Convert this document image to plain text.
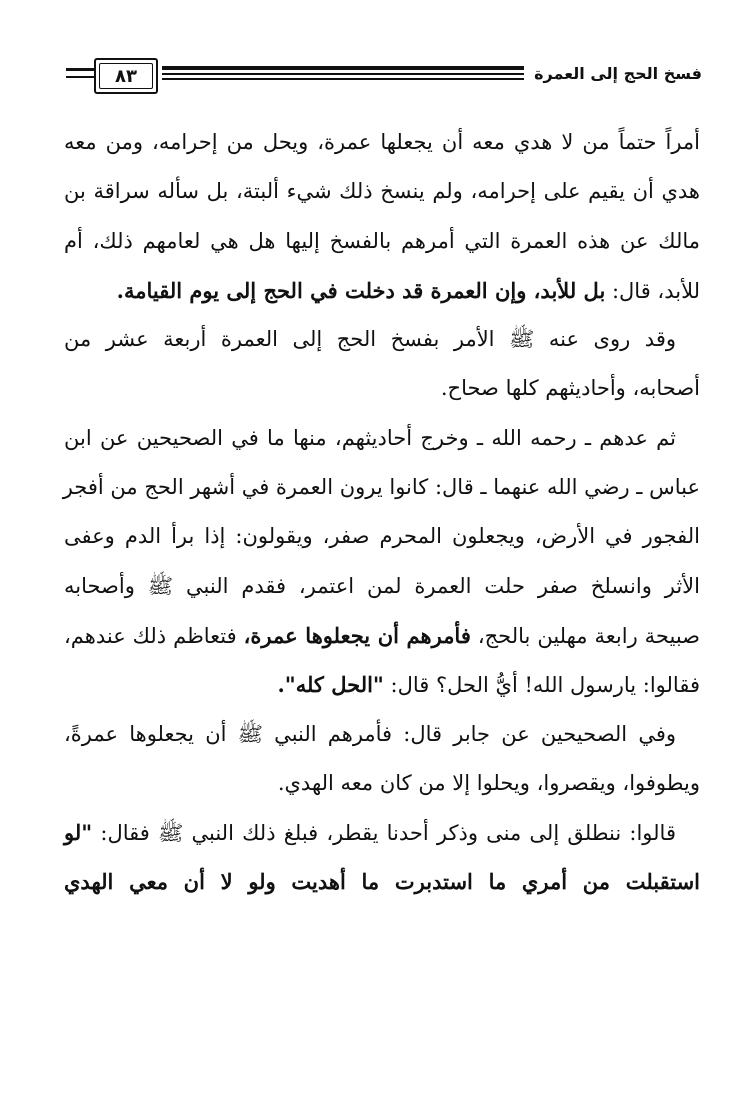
٨٣	فسخ الحج إلى العمرة
أمراً حتماً من لا هدي معه أن يجعلها عمرة، ويحل من إحرامه، ومن معه
هدي أن يقيم على إحرامه، ولم ينسخ ذلك شيء ألبتة، بل سأله سراقة بن
مالك عن هذه العمرة التي أمرهم بالفسخ إليها هل هي لعامهم ذلك، أم
للأبد، قال: بل للأبد، وإن العمرة قد دخلت في الحج إلى يوم القيامة.
وقد روى عنه ﷺ الأمر بفسخ الحج إلى العمرة أربعة عشر من
أصحابه، وأحاديثهم كلها صحاح.
ثم عدهم ـ رحمه الله ـ وخرج أحاديثهم، منها ما في الصحيحين عن ابن
عباس ـ رضي الله عنهما ـ قال: كانوا يرون العمرة في أشهر الحج من أفجر
الفجور في الأرض، ويجعلون المحرم صفر، ويقولون: إذا برأ الدم وعفى
الأثر وانسلخ صفر حلت العمرة لمن اعتمر، فقدم النبي ﷺ وأصحابه
صبيحة رابعة مهلين بالحج، فأمرهم أن يجعلوها عمرة، فتعاظم ذلك عندهم،
فقالوا: يارسول الله! أيُّ الحل؟ قال: "الحل كله".
وفي الصحيحين عن جابر قال: فأمرهم النبي ﷺ أن يجعلوها عمرةً،
ويطوفوا، ويقصروا، ويحلوا إلا من كان معه الهدي.
قالوا: ننطلق إلى منى وذكر أحدنا يقطر، فبلغ ذلك النبي ﷺ فقال: "لو
استقبلت من أمري ما استدبرت ما أهديت ولو لا أن معي الهدي
